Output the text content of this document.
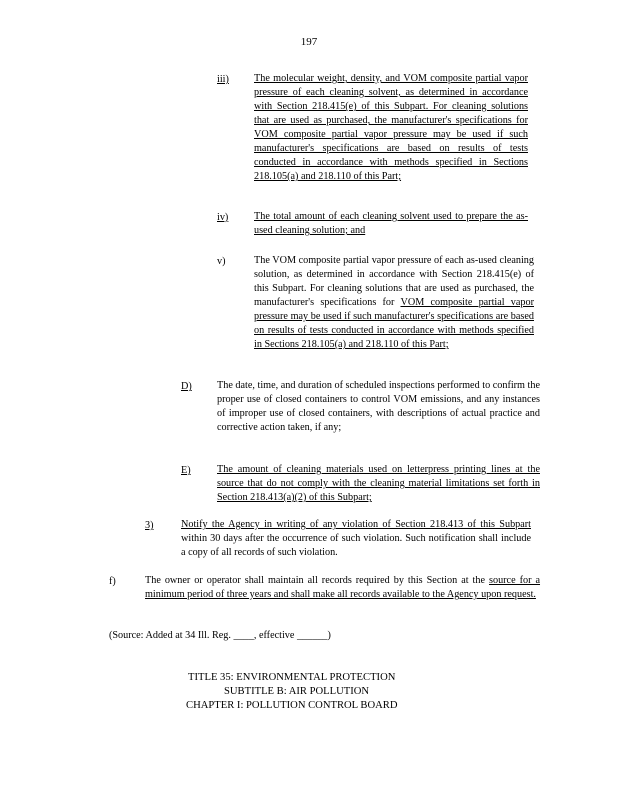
197
iii) The molecular weight, density, and VOM composite partial vapor pressure of each cleaning solvent, as determined in accordance with Section 218.415(e) of this Subpart. For cleaning solutions that are used as purchased, the manufacturer's specifications for VOM composite partial vapor pressure may be used if such manufacturer's specifications are based on results of tests conducted in accordance with methods specified in Sections 218.105(a) and 218.110 of this Part;
iv)	The total amount of each cleaning solvent used to prepare the as-used cleaning solution; and
v)	The VOM composite partial vapor pressure of each as-used cleaning solution, as determined in accordance with Section 218.415(e) of this Subpart. For cleaning solutions that are used as purchased, the manufacturer's specifications for VOM composite partial vapor pressure may be used if such manufacturer's specifications are based on results of tests conducted in accordance with methods specified in Sections 218.105(a) and 218.110 of this Part;
D) The date, time, and duration of scheduled inspections performed to confirm the proper use of closed containers to control VOM emissions, and any instances of improper use of closed containers, with descriptions of actual practice and corrective action taken, if any;
E)	The amount of cleaning materials used on letterpress printing lines at the source that do not comply with the cleaning material limitations set forth in Section 218.413(a)(2) of this Subpart;
3)	Notify the Agency in writing of any violation of Section 218.413 of this Subpart within 30 days after the occurrence of such violation. Such notification shall include a copy of all records of such violation.
f)	The owner or operator shall maintain all records required by this Section at the source for a minimum period of three years and shall make all records available to the Agency upon request.
(Source: Added at 34 Ill. Reg. ____, effective ______)
TITLE 35: ENVIRONMENTAL PROTECTION
SUBTITLE B: AIR POLLUTION
CHAPTER I: POLLUTION CONTROL BOARD
